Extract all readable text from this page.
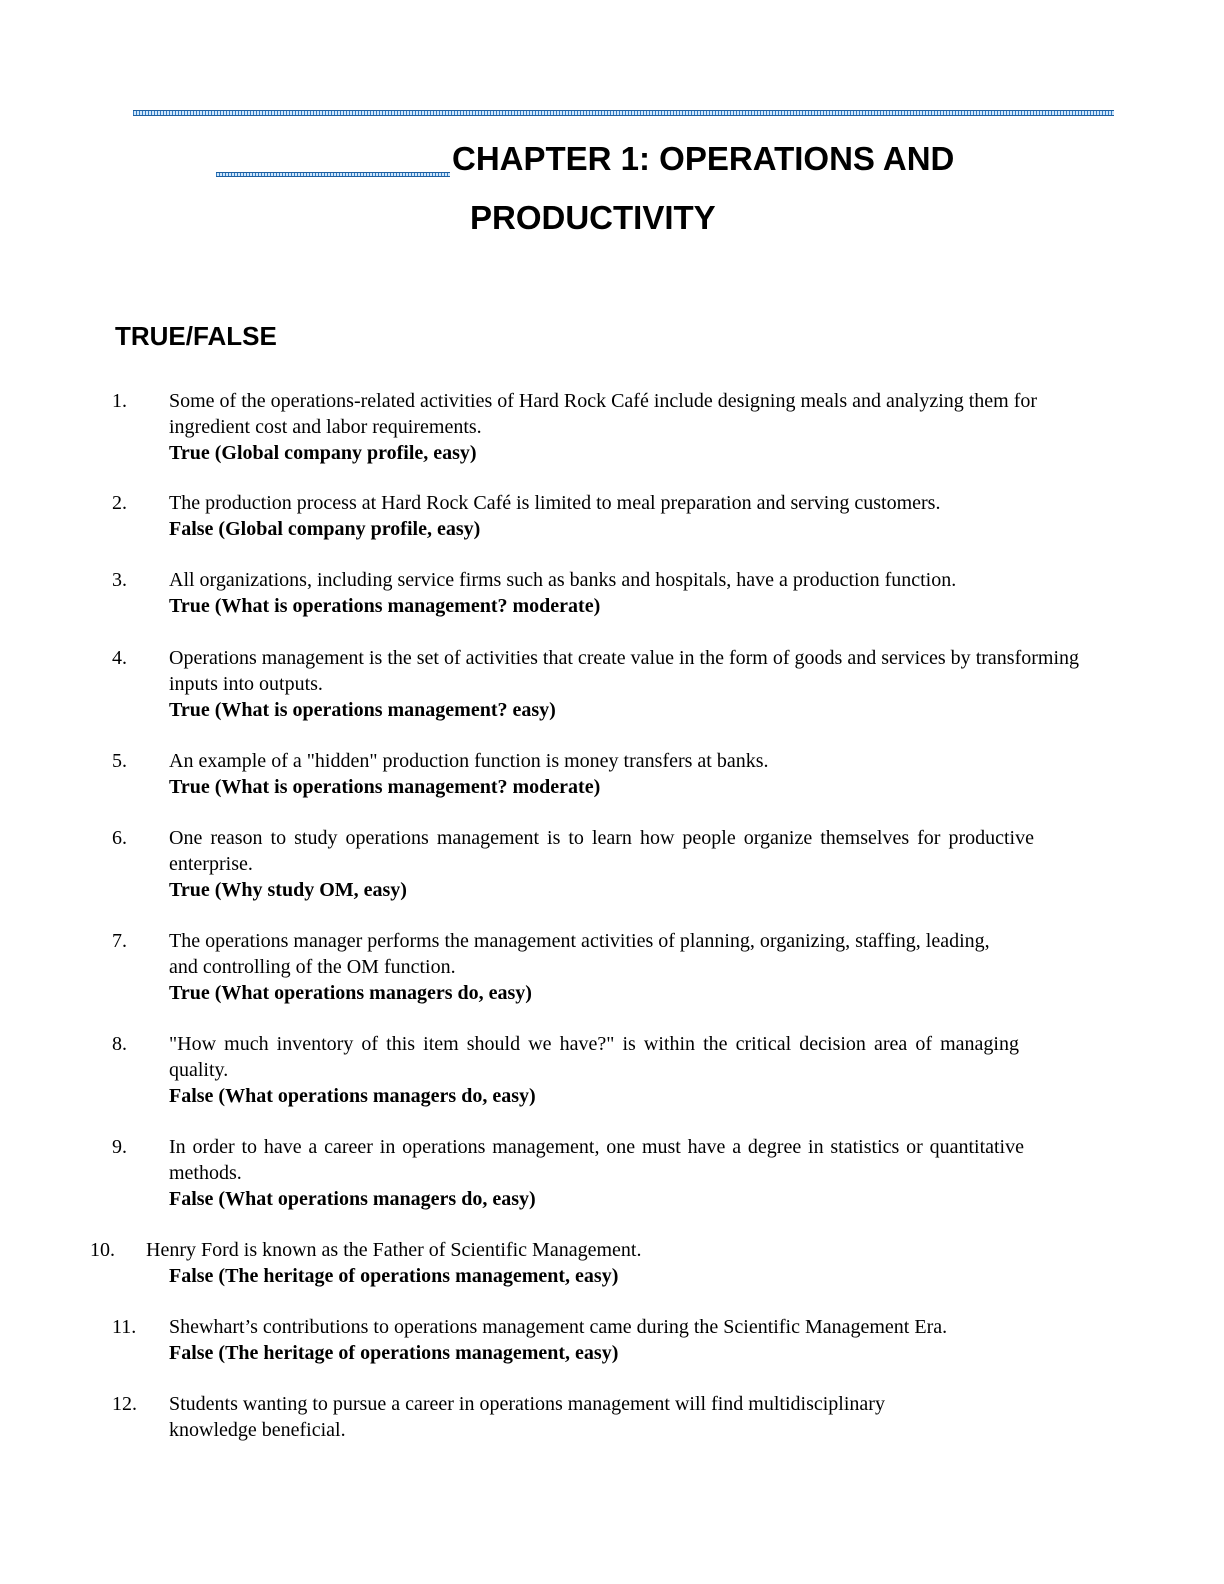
CHAPTER 1: OPERATIONS AND
PRODUCTIVITY
TRUE/FALSE
1. Some of the operations-related activities of Hard Rock Café include designing meals and analyzing them for ingredient cost and labor requirements.
True (Global company profile, easy)
2. The production process at Hard Rock Café is limited to meal preparation and serving customers.
False (Global company profile, easy)
3. All organizations, including service firms such as banks and hospitals, have a production function.
True (What is operations management? moderate)
4. Operations management is the set of activities that create value in the form of goods and services by transforming inputs into outputs.
True (What is operations management? easy)
5. An example of a "hidden" production function is money transfers at banks.
True (What is operations management? moderate)
6. One reason to study operations management is to learn how people organize themselves for productive enterprise.
True (Why study OM, easy)
7. The operations manager performs the management activities of planning, organizing, staffing, leading, and controlling of the OM function.
True (What operations managers do, easy)
8. "How much inventory of this item should we have?" is within the critical decision area of managing quality.
False (What operations managers do, easy)
9. In order to have a career in operations management, one must have a degree in statistics or quantitative methods.
False (What operations managers do, easy)
10. Henry Ford is known as the Father of Scientific Management.
False (The heritage of operations management, easy)
11. Shewhart’s contributions to operations management came during the Scientific Management Era.
False (The heritage of operations management, easy)
12. Students wanting to pursue a career in operations management will find multidisciplinary knowledge beneficial.
